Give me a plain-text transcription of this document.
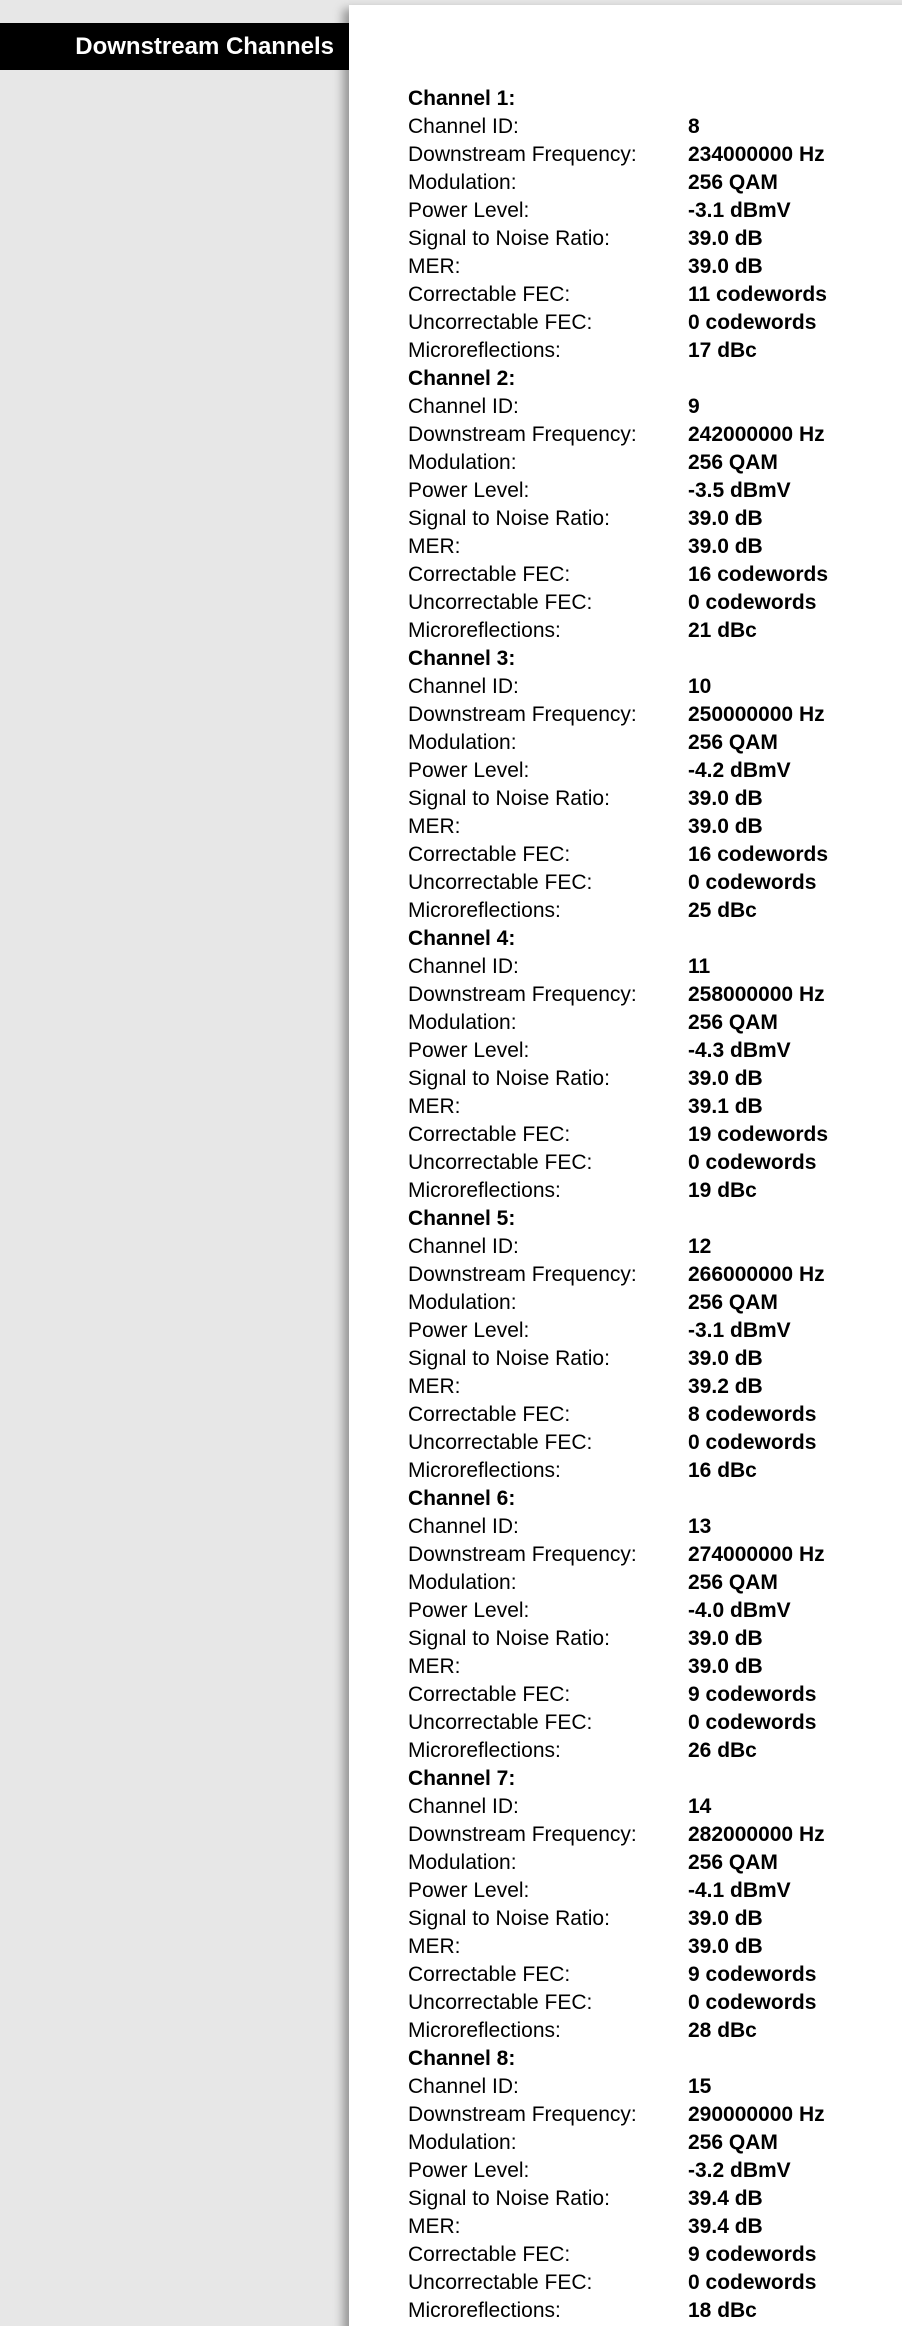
Channel 1:
Channel ID:	8
Downstream Frequency:	234000000 Hz
Modulation:	256 QAM
Power Level:	-3.1 dBmV
Signal to Noise Ratio:	39.0 dB
MER:	39.0 dB
Correctable FEC:	11 codewords
Uncorrectable FEC:	0 codewords
Microreflections:	17 dBc
Channel 2:
Channel ID:	9
Downstream Frequency:	242000000 Hz
Modulation:	256 QAM
Power Level:	-3.5 dBmV
Signal to Noise Ratio:	39.0 dB
MER:	39.0 dB
Correctable FEC:	16 codewords
Uncorrectable FEC:	0 codewords
Microreflections:	21 dBc
Channel 3:
Channel ID:	10
Downstream Frequency:	250000000 Hz
Modulation:	256 QAM
Power Level:	-4.2 dBmV
Signal to Noise Ratio:	39.0 dB
MER:	39.0 dB
Correctable FEC:	16 codewords
Uncorrectable FEC:	0 codewords
Microreflections:	25 dBc
Channel 4:
Channel ID:	11
Downstream Frequency:	258000000 Hz
Modulation:	256 QAM
Power Level:	-4.3 dBmV
Signal to Noise Ratio:	39.0 dB
MER:	39.1 dB
Correctable FEC:	19 codewords
Uncorrectable FEC:	0 codewords
Microreflections:	19 dBc
Channel 5:
Channel ID:	12
Downstream Frequency:	266000000 Hz
Modulation:	256 QAM
Power Level:	-3.1 dBmV
Signal to Noise Ratio:	39.0 dB
MER:	39.2 dB
Correctable FEC:	8 codewords
Uncorrectable FEC:	0 codewords
Microreflections:	16 dBc
Channel 6:
Channel ID:	13
Downstream Frequency:	274000000 Hz
Modulation:	256 QAM
Power Level:	-4.0 dBmV
Signal to Noise Ratio:	39.0 dB
MER:	39.0 dB
Correctable FEC:	9 codewords
Uncorrectable FEC:	0 codewords
Microreflections:	26 dBc
Channel 7:
Channel ID:	14
Downstream Frequency:	282000000 Hz
Modulation:	256 QAM
Power Level:	-4.1 dBmV
Signal to Noise Ratio:	39.0 dB
MER:	39.0 dB
Correctable FEC:	9 codewords
Uncorrectable FEC:	0 codewords
Microreflections:	28 dBc
Channel 8:
Channel ID:	15
Downstream Frequency:	290000000 Hz
Modulation:	256 QAM
Power Level:	-3.2 dBmV
Signal to Noise Ratio:	39.4 dB
MER:	39.4 dB
Correctable FEC:	9 codewords
Uncorrectable FEC:	0 codewords
Microreflections:	18 dBc
Downstream Channels
